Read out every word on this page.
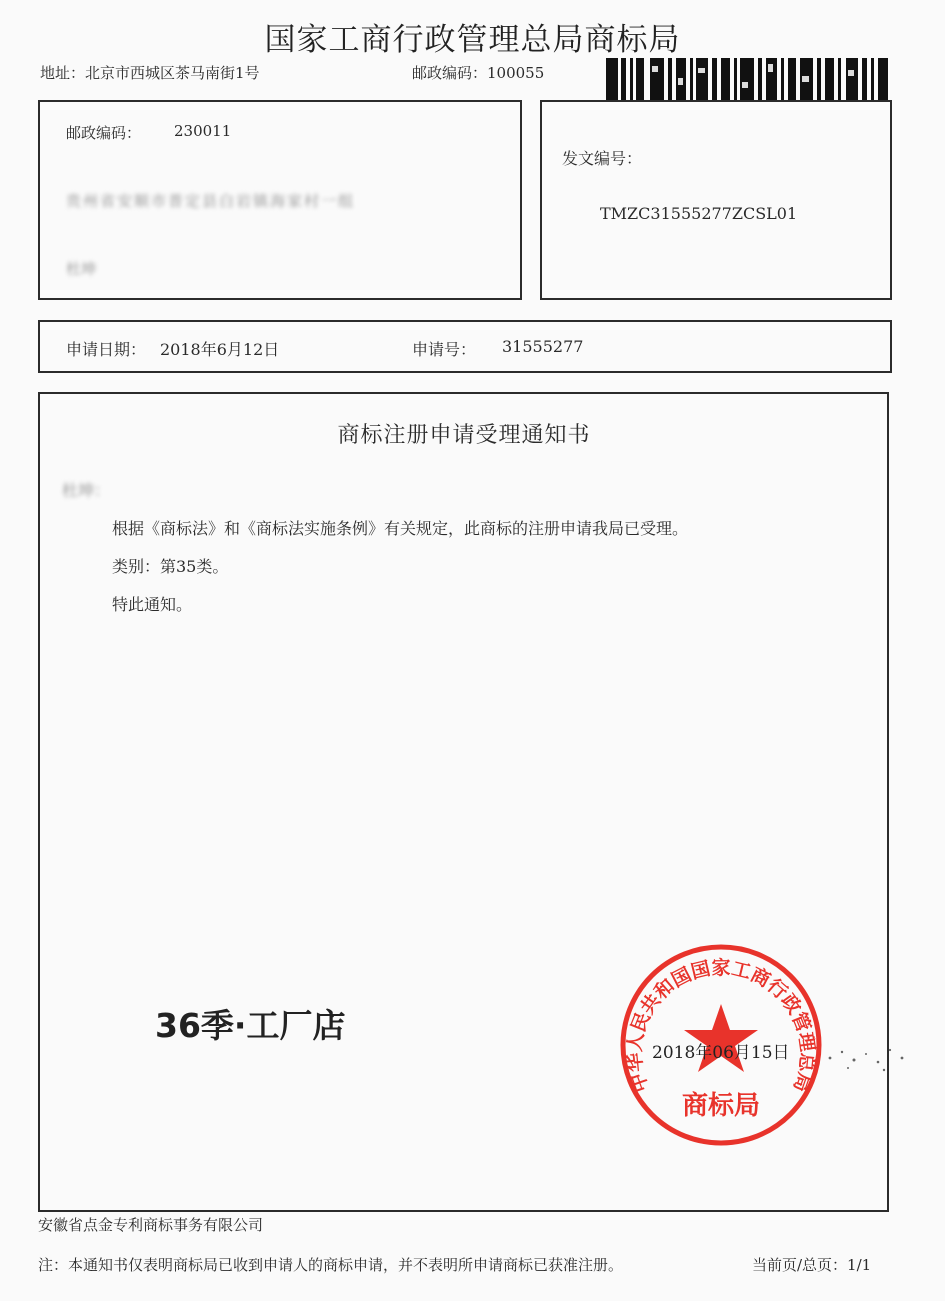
国家工商行政管理总局商标局
地址：北京市西城区茶马南街1号	邮政编码：100055
邮政编码： 230011
贵州省安顺市普定县白岩镇海家村一组
杜坤
发文编号：
TMZC31555277ZCSL01
申请日期： 2018年6月12日	申请号： 31555277
商标注册申请受理通知书
杜坤：
根据《商标法》和《商标法实施条例》有关规定，此商标的注册申请我局已受理。
类别：第35类。
特此通知。
36季·工厂店
中华人民共和国国家工商行政管理总局
商标局
2018年06月15日
安徽省点金专利商标事务有限公司
注：本通知书仅表明商标局已收到申请人的商标申请，并不表明所申请商标已获准注册。	当前页/总页：1/1
